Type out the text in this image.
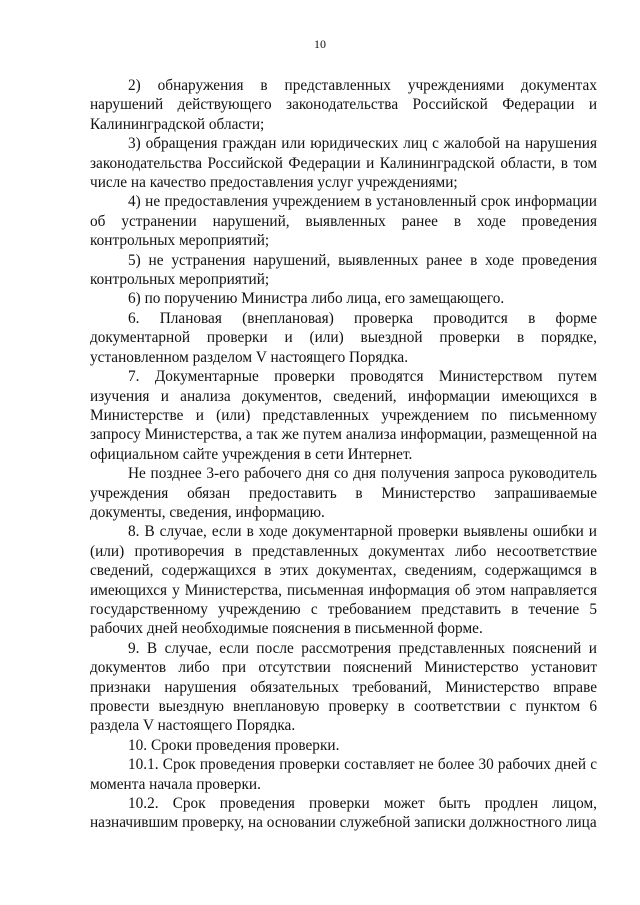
10

2) обнаружения в представленных учреждениями документах нарушений действующего законодательства Российской Федерации и Калининградской области;

3) обращения граждан или юридических лиц с жалобой на нарушения законодательства Российской Федерации и Калининградской области, в том числе на качество предоставления услуг учреждениями;

4) не предоставления учреждением в установленный срок информации об устранении нарушений, выявленных ранее в ходе проведения контрольных мероприятий;

5) не устранения нарушений, выявленных ранее в ходе проведения контрольных мероприятий;

6) по поручению Министра либо лица, его замещающего.

6. Плановая (внеплановая) проверка проводится в форме документарной проверки и (или) выездной проверки в порядке, установленном разделом V настоящего Порядка.

7. Документарные проверки проводятся Министерством путем изучения и анализа документов, сведений, информации имеющихся в Министерстве и (или) представленных учреждением по письменному запросу Министерства, а так же путем анализа информации, размещенной на официальном сайте учреждения в сети Интернет.

Не позднее 3-его рабочего дня со дня получения запроса руководитель учреждения обязан предоставить в Министерство запрашиваемые документы, сведения, информацию.

8. В случае, если в ходе документарной проверки выявлены ошибки и (или) противоречия в представленных документах либо несоответствие сведений, содержащихся в этих документах, сведениям, содержащимся в имеющихся у Министерства, письменная информация об этом направляется государственному учреждению с требованием представить в течение 5 рабочих дней необходимые пояснения в письменной форме.

9. В случае, если после рассмотрения представленных пояснений и документов либо при отсутствии пояснений Министерство установит признаки нарушения обязательных требований, Министерство вправе провести выездную внеплановую проверку в соответствии с пунктом 6 раздела V настоящего Порядка.

10. Сроки проведения проверки.

10.1. Срок проведения проверки составляет не более 30 рабочих дней с момента начала проверки.

10.2. Срок проведения проверки может быть продлен лицом, назначившим проверку, на основании служебной записки должностного лица
